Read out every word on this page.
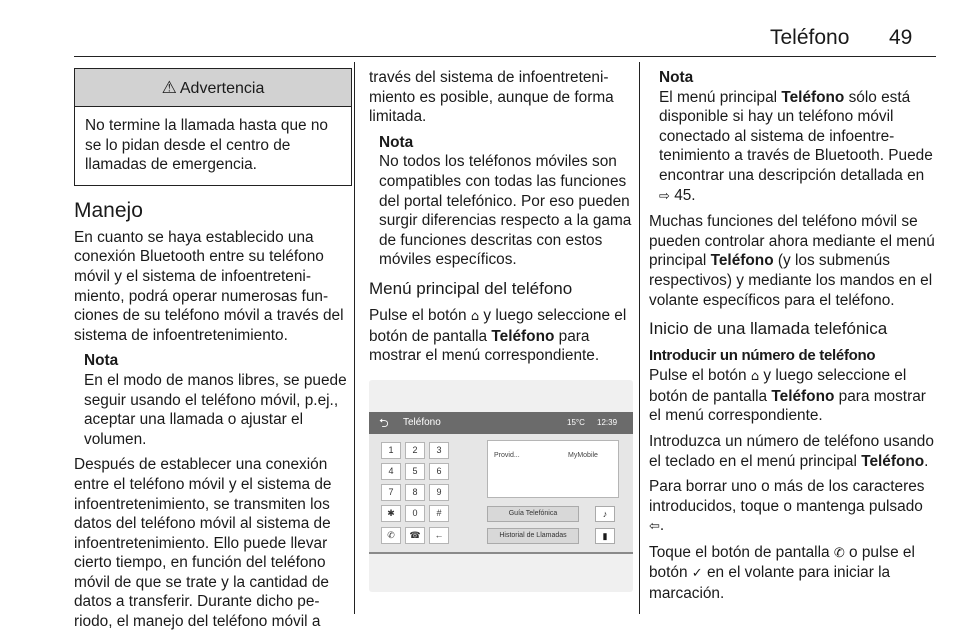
Teléfono 49
⚠ Advertencia
No termine la llamada hasta que no se lo pidan desde el centro de llamadas de emergencia.
Manejo

En cuanto se haya establecido una conexión Bluetooth entre su teléfono móvil y el sistema de infoentretenimiento, podrá operar numerosas funciones de su teléfono móvil a través del sistema de infoentretenimiento.

Nota

En el modo de manos libres, se puede seguir usando el teléfono móvil, p.ej., aceptar una llamada o ajustar el volumen.

Después de establecer una conexión entre el teléfono móvil y el sistema de infoentretenimiento, se transmiten los datos del teléfono móvil al sistema de infoentretenimiento. Ello puede llevar cierto tiempo, en función del teléfono móvil de que se trate y la cantidad de datos a transferir. Durante dicho periodo, el manejo del teléfono móvil a

través del sistema de infoentretenimiento es posible, aunque de forma limitada.

Nota

No todos los teléfonos móviles son compatibles con todas las funciones del portal telefónico. Por eso pueden surgir diferencias respecto a la gama de funciones descritas con estos móviles específicos.

Menú principal del teléfono

Pulse el botón ⌂ y luego seleccione el botón de pantalla Teléfono para mostrar el menú correspondiente.

⮌ Teléfono	15°C 12:39
1	2	3
4	5	6
7	8	9
✱	0	#
✆	☎	←
Provid...	MyMobile
Guía Telefónica	♪
Historial de Llamadas	▮
Nota

El menú principal Teléfono sólo está disponible si hay un teléfono móvil conectado al sistema de infoentretenimiento a través de Bluetooth. Puede encontrar una descripción detallada en ⇨ 45.

Muchas funciones del teléfono móvil se pueden controlar ahora mediante el menú principal Teléfono (y los submenús respectivos) y mediante los mandos en el volante específicos para el teléfono.

Inicio de una llamada telefónica
Introducir un número de teléfono

Pulse el botón ⌂ y luego seleccione el botón de pantalla Teléfono para mostrar el menú correspondiente.

Introduzca un número de teléfono usando el teclado en el menú principal Teléfono.

Para borrar uno o más de los caracteres introducidos, toque o mantenga pulsado ⇦.

Toque el botón de pantalla ✆ o pulse el botón ✓ en el volante para iniciar la marcación.
